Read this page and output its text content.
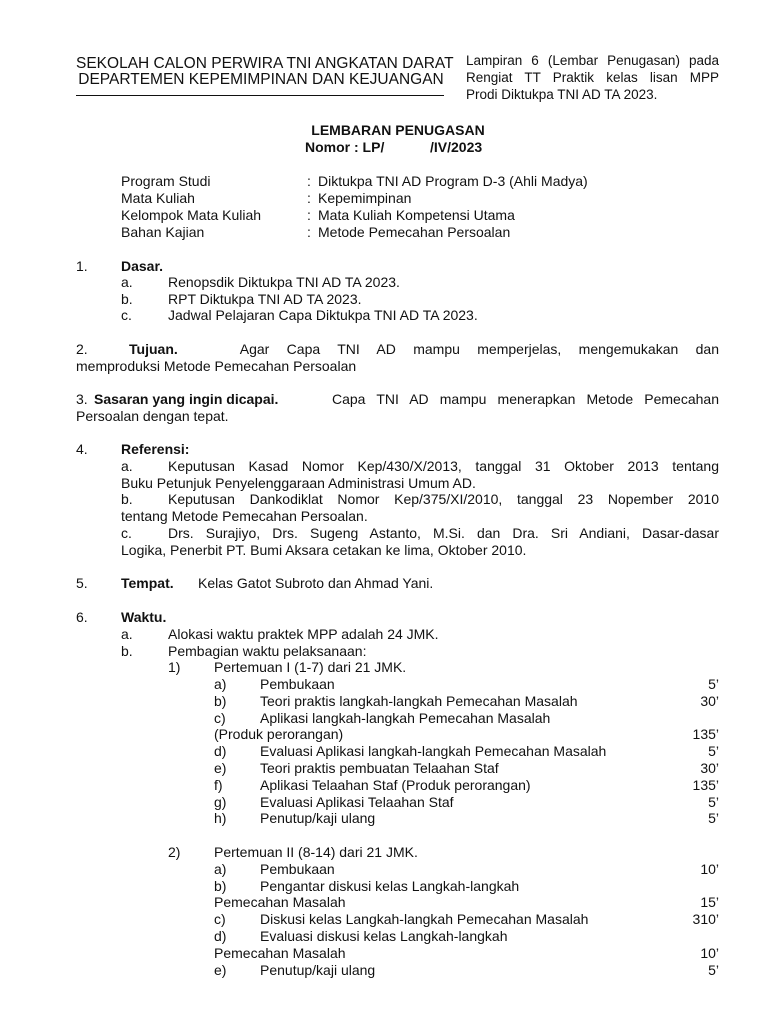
SEKOLAH CALON PERWIRA TNI ANGKATAN DARAT
DEPARTEMEN KEPEMIMPINAN DAN KEJUANGAN
Lampiran 6 (Lembar Penugasan) pada
Rengiat TT Praktik kelas lisan MPP
Prodi Diktukpa TNI AD TA 2023.
LEMBARAN PENUGASAN
Nomor : LP/	/IV/2023
Program Studi	: Diktukpa TNI AD Program D-3 (Ahli Madya)
Mata Kuliah	: Kepemimpinan
Kelompok Mata Kuliah	: Mata Kuliah Kompetensi Utama
Bahan Kajian	: Metode Pemecahan Persoalan
1. Dasar.
a.	Renopsdik Diktukpa TNI AD TA 2023.
b.	RPT Diktukpa TNI AD TA 2023.
c.	Jadwal Pelajaran Capa Diktukpa TNI AD TA 2023.
2.	Tujuan.	Agar Capa TNI AD mampu memperjelas, mengemukakan dan
memproduksi Metode Pemecahan Persoalan
3. Sasaran yang ingin dicapai.	Capa TNI AD mampu menerapkan Metode Pemecahan
Persoalan dengan tepat.
4. Referensi:
a.	Keputusan Kasad Nomor Kep/430/X/2013, tanggal 31 Oktober 2013 tentang
Buku Petunjuk Penyelenggaraan Administrasi Umum AD.
b.	Keputusan Dankodiklat Nomor Kep/375/XI/2010, tanggal 23 Nopember 2010
tentang Metode Pemecahan Persoalan.
c.	Drs. Surajiyo, Drs. Sugeng Astanto, M.Si. dan Dra. Sri Andiani, Dasar-dasar
Logika, Penerbit PT. Bumi Aksara cetakan ke lima, Oktober 2010.
5. Tempat. Kelas Gatot Subroto dan Ahmad Yani.
6. Waktu.
a.	Alokasi waktu praktek MPP adalah 24 JMK.
b.	Pembagian waktu pelaksanaan:
1) Pertemuan I (1-7) dari 21 JMK.
a) Pembukaan	5’
b) Teori praktis langkah-langkah Pemecahan Masalah	30’
c) Aplikasi langkah-langkah Pemecahan Masalah
(Produk perorangan)	135’
d) Evaluasi Aplikasi langkah-langkah Pemecahan Masalah	5’
e) Teori praktis pembuatan Telaahan Staf	30’
f)	Aplikasi Telaahan Staf (Produk perorangan)	135’
g) Evaluasi Aplikasi Telaahan Staf	5’
h) Penutup/kaji ulang	5’
2) Pertemuan II (8-14) dari 21 JMK.
a) Pembukaan	10’
b) Pengantar diskusi kelas Langkah-langkah
Pemecahan Masalah	15’
c) Diskusi kelas Langkah-langkah Pemecahan Masalah	310’
d) Evaluasi diskusi kelas Langkah-langkah
Pemecahan Masalah	10’
e) Penutup/kaji ulang	5’
